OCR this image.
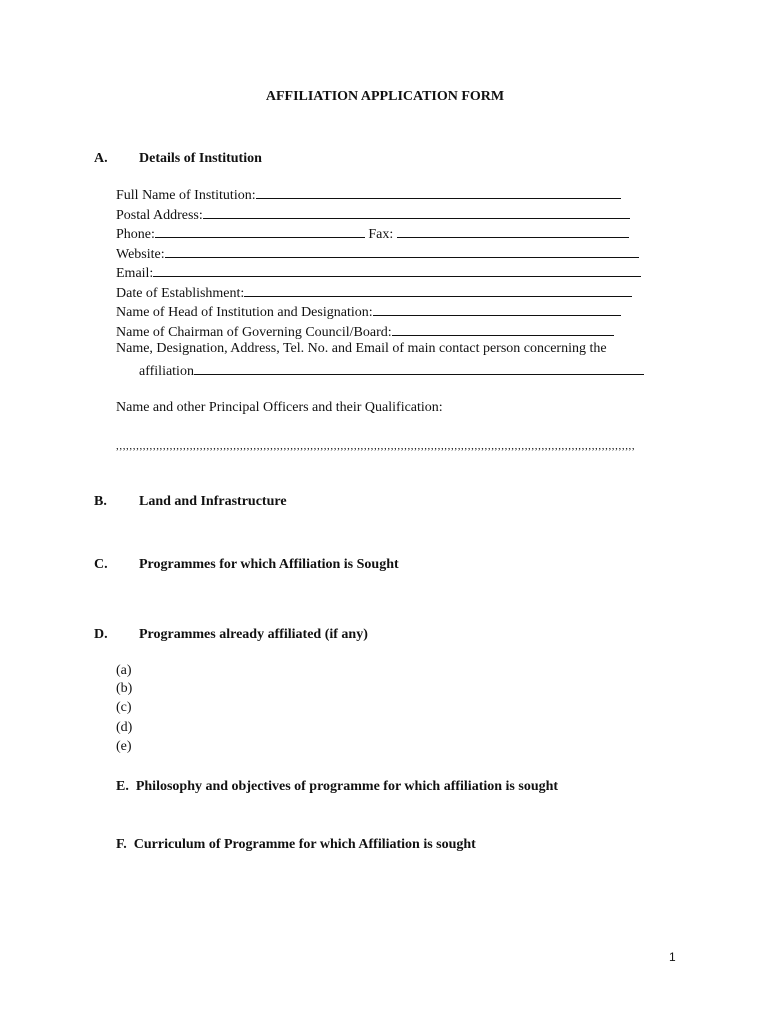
AFFILIATION APPLICATION FORM
A. Details of Institution
Full Name of Institution:
Postal Address:
Phone:	Fax:
Website:
Email:
Date of Establishment:
Name of Head of Institution and Designation:
Name of Chairman of Governing Council/Board:
Name, Designation, Address, Tel. No. and Email of main contact person concerning the
affiliation
Name and other Principal Officers and their Qualification:
,,,,,,,,,,,,,,,,,,,,,,,,,,,,,,,,,,,,,,,,,,,,,,,,,,,,,,,,,,,,,,,,,,,,,,,,,,,,,,,,,,,,,,,,,,,,,,,,,,,,,,,,,,,,,,,,,,,,,,,,,,,,,,,,,,,,,,,,,,,,,,,,,,,,,,,,,,,
B. Land and Infrastructure
C. Programmes for which Affiliation is Sought
D. Programmes already affiliated (if any)
(a)
(b)
(c)
(d)
(e)
E.  Philosophy and objectives of programme for which affiliation is sought
F.  Curriculum of Programme for which Affiliation is sought
1
